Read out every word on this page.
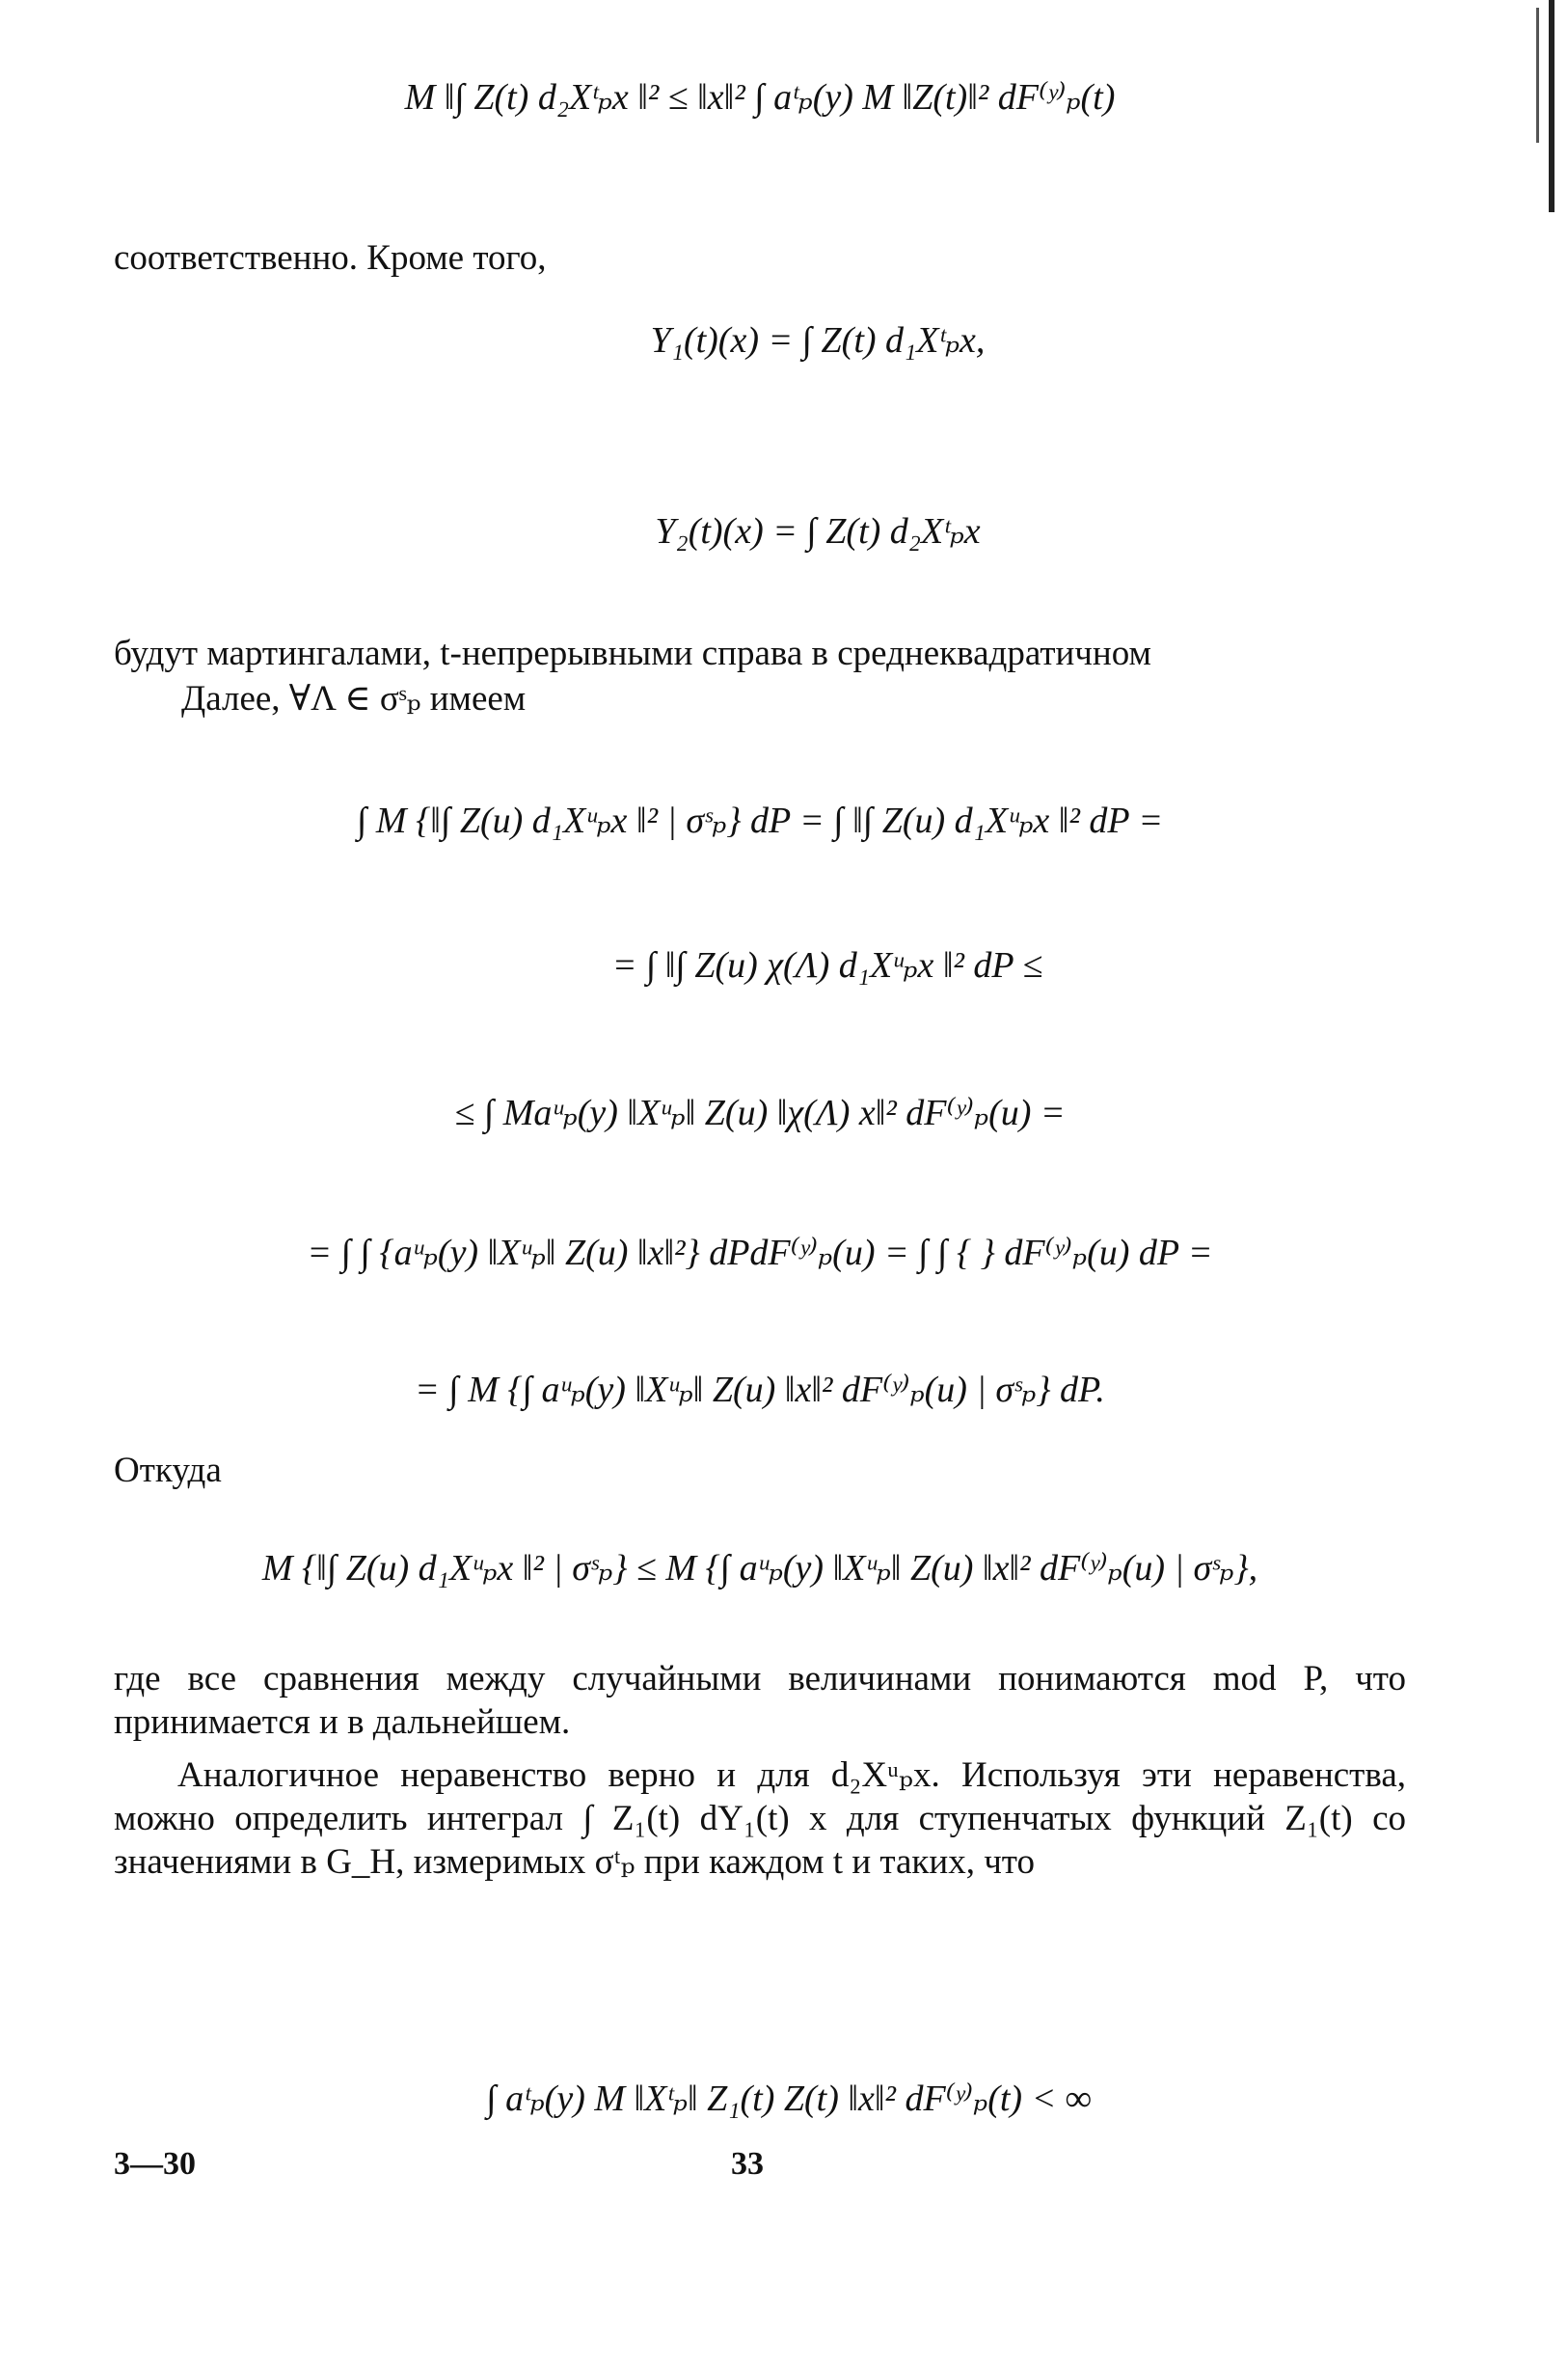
M ‖∫ Z(t) d₂Xᵗₚx ‖² ≤ ‖x‖² ∫ aᵗₚ(y) M ‖Z(t)‖² dF⁽ʸ⁾ₚ(t)

соответственно. Кроме того,

Y₁(t)(x) = ∫ Z(t) d₁Xᵗₚx,
Y₂(t)(x) = ∫ Z(t) d₂Xᵗₚx

будут мартингалами, t-непрерывными справа в среднеквадратичном

Далее, ∀Λ ∈ σˢₚ имеем

∫ M {‖∫ Z(u) d₁Xᵘₚx ‖² | σˢₚ} dP = ∫ ‖∫ Z(u) d₁Xᵘₚx ‖² dP =
= ∫ ‖∫ Z(u) χ(Λ) d₁Xᵘₚx ‖² dP ≤
≤ ∫ Maᵘₚ(y) ‖Xᵘₚ‖ Z(u) ‖χ(Λ) x‖² dF⁽ʸ⁾ₚ(u) =
= ∫ ∫ {aᵘₚ(y) ‖Xᵘₚ‖ Z(u) ‖x‖²} dPdF⁽ʸ⁾ₚ(u) = ∫ ∫ { } dF⁽ʸ⁾ₚ(u) dP =
= ∫ M {∫ aᵘₚ(y) ‖Xᵘₚ‖ Z(u) ‖x‖² dF⁽ʸ⁾ₚ(u) | σˢₚ} dP.

Откуда

M {‖∫ Z(u) d₁Xᵘₚx ‖² | σˢₚ} ≤ M {∫ aᵘₚ(y) ‖Xᵘₚ‖ Z(u) ‖x‖² dF⁽ʸ⁾ₚ(u) | σˢₚ},

где все сравнения между случайными величинами понимаются mod P, что принимается и в дальнейшем.

Аналогичное неравенство верно и для d₂Xᵘₚx. Используя эти неравенства, можно определить интеграл ∫ Z₁(t) dY₁(t) x для ступенчатых функций Z₁(t) со значениями в G_H, измеримых σᵗₚ при каждом t и таких, что

∫ aᵗₚ(y) M ‖Xᵗₚ‖ Z₁(t) Z(t) ‖x‖² dF⁽ʸ⁾ₚ(t) < ∞
3—30	33
